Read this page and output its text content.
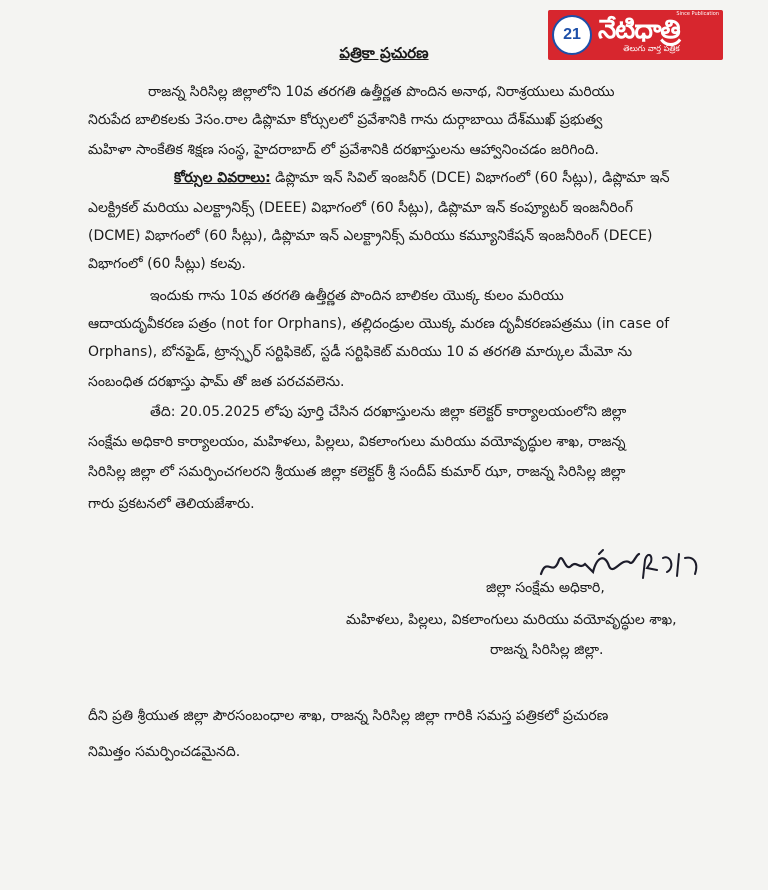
21 నేటిధాత్రి
తెలుగు వార్త పత్రిక
Since Publication
పత్రికా ప్రచురణ
రాజన్న సిరిసిల్ల జిల్లాలోని 10వ తరగతి ఉత్తీర్ణత పొందిన అనాథ, నిరాశ్రయులు మరియు
నిరుపేద బాలికలకు 3సం.రాల డిప్లొమా కోర్సులలో ప్రవేశానికి గాను దుర్గాబాయి దేశ్‌ముఖ్ ప్రభుత్వ
మహిళా సాంకేతిక శిక్షణ సంస్థ, హైదరాబాద్ లో ప్రవేశానికి దరఖాస్తులను ఆహ్వానించడం జరిగింది.
కోర్సుల వివరాలు: డిప్లొమా ఇన్ సివిల్ ఇంజనీర్ (DCE) విభాగంలో (60 సీట్లు), డిప్లొమా ఇన్
ఎలక్ట్రికల్ మరియు ఎలక్ట్రానిక్స్ (DEEE) విభాగంలో (60 సీట్లు), డిప్లొమా ఇన్ కంప్యూటర్ ఇంజనీరింగ్
(DCME) విభాగంలో (60 సీట్లు), డిప్లొమా ఇన్ ఎలక్ట్రానిక్స్ మరియు కమ్యూనికేషన్ ఇంజనీరింగ్ (DECE)
విభాగంలో (60 సీట్లు) కలవు.
ఇందుకు గాను 10వ తరగతి ఉత్తీర్ణత పొందిన బాలికల యొక్క కులం మరియు
ఆదాయదృవీకరణ పత్రం (not for Orphans), తల్లిదండ్రుల యొక్క మరణ దృవీకరణపత్రము (in case of
Orphans), బోనఫైడ్, ట్రాన్స్ఫర్ సర్టిఫికెట్, స్టడీ సర్టిఫికెట్ మరియు 10 వ తరగతి మార్కుల మేమో ను
సంబంధిత దరఖాస్తు ఫామ్ తో జత పరచవలెను.
తేది: 20.05.2025 లోపు పూర్తి చేసిన దరఖాస్తులను జిల్లా కలెక్టర్ కార్యాలయంలోని జిల్లా
సంక్షేమ అధికారి కార్యాలయం, మహిళలు, పిల్లలు, వికలాంగులు మరియు వయోవృద్ధుల శాఖ, రాజన్న
సిరిసిల్ల జిల్లా లో సమర్పించగలరని శ్రీయుత జిల్లా కలెక్టర్ శ్రీ సందీప్ కుమార్ ఝా, రాజన్న సిరిసిల్ల జిల్లా
గారు ప్రకటనలో తెలియజేశారు.
జిల్లా సంక్షేమ అధికారి,
మహిళలు, పిల్లలు, వికలాంగులు మరియు వయోవృద్ధుల శాఖ,
రాజన్న సిరిసిల్ల జిల్లా.
దీని ప్రతి శ్రీయుత జిల్లా పౌరసంబంధాల శాఖ, రాజన్న సిరిసిల్ల జిల్లా గారికి సమస్త పత్రికలో ప్రచురణ
నిమిత్తం సమర్పించడమైనది.
